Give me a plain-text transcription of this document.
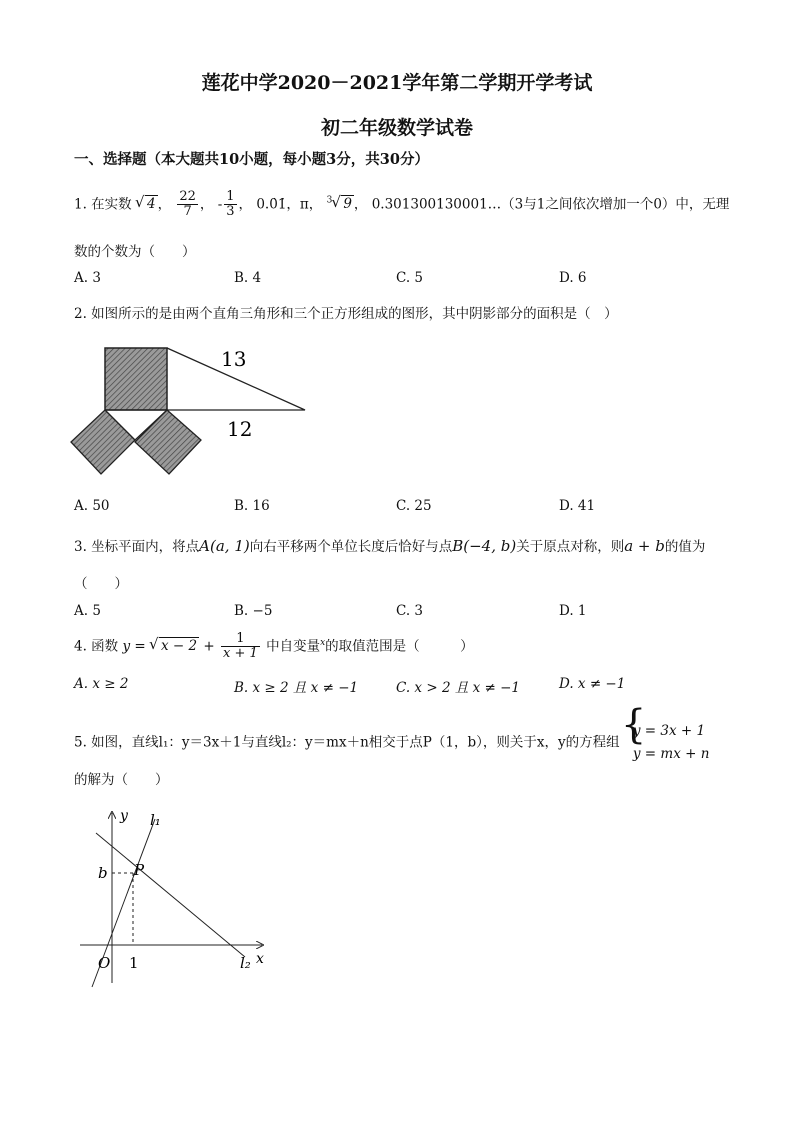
莲花中学2020－2021学年第二学期开学考试
初二年级数学试卷
一、选择题（本大题共10小题，每小题3分，共30分）
1. 在实数 √ 4 ， $\frac{22}{7}$ ， - $\frac{1}{3}$ ， 0.0̇1̇，π， $^3$ √ 9 ， 0.301300130001…（3与1之间依次增加一个0）中，无理
数的个数为（　　）
A. 3	B. 4	C. 5	D. 6
2. 如图所示的是由两个直角三角形和三个正方形组成的图形，其中阴影部分的面积是（　）
13
12
A. 50	B. 16	C. 25	D. 41
3. 坐标平面内，将点A(a, 1)向右平移两个单位长度后恰好与点B(−4, b)关于原点对称，则a + b的值为
（　　）
A. 5	B. −5	C. 3	D. 1
4. 函数 y = √ $x - 2 + \frac{1}{x + 1}$ 中自变量$^x$的取值范围是（　　　）
A. x ≥ 2	B. x ≥ 2 且 x ≠ −1	C. x > 2 且 x ≠ −1	D. x ≠ −1
5. 如图，直线l₁：y＝3x＋1与直线l₂：y＝mx＋n相交于点P（1，b），则关于x，y的方程组 {
y = 3x + 1
y = mx + n
的解为（　　）
y
x
l₁
l₂
P
b
O 1
